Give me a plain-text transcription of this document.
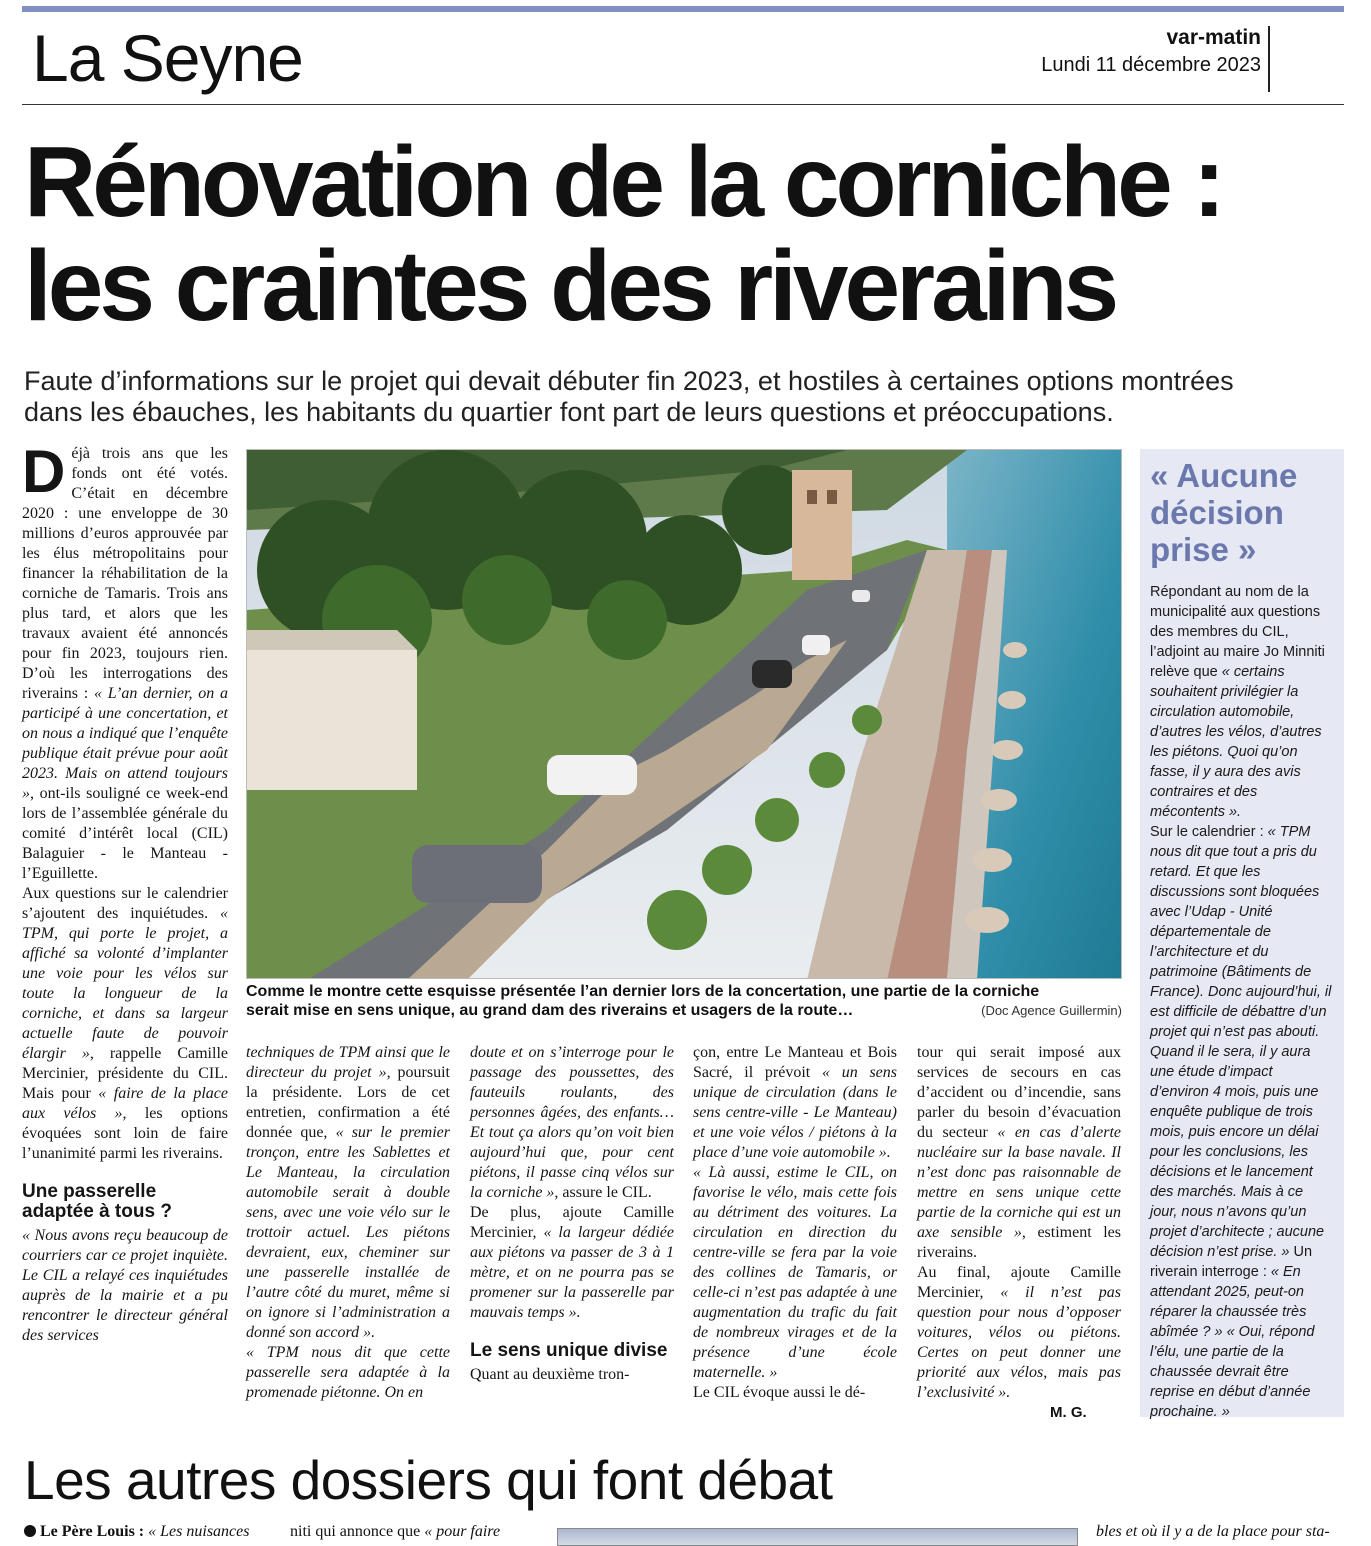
La Seyne	var-matin
Lundi 11 décembre 2023
Rénovation de la corniche :
les craintes des riverains
Faute d’informations sur le projet qui devait débuter fin 2023, et hostiles à certaines options montrées
dans les ébauches, les habitants du quartier font part de leurs questions et préoccupations.

Déjà trois ans que les fonds ont été votés. C’était en décembre 2020 : une enveloppe de 30 millions d’euros approuvée par les élus métropolitains pour financer la réhabilitation de la corniche de Tamaris. Trois ans plus tard, et alors que les travaux avaient été annoncés pour fin 2023, toujours rien. D’où les interrogations des riverains : « L’an dernier, on a participé à une concertation, et on nous a indiqué que l’enquête publique était prévue pour août 2023. Mais on attend toujours », ont-ils souligné ce week-end lors de l’assemblée générale du comité d’intérêt local (CIL) Balaguier - le Manteau - l’Eguillette.

Aux questions sur le calendrier s’ajoutent des inquiétudes. « TPM, qui porte le projet, a affiché sa volonté d’implanter une voie pour les vélos sur toute la longueur de la corniche, et dans sa largeur actuelle faute de pouvoir élargir », rappelle Camille Mercinier, présidente du CIL. Mais pour « faire de la place aux vélos », les options évoquées sont loin de faire l’unanimité parmi les riverains.

Une passerelle adaptée à tous ?

« Nous avons reçu beaucoup de courriers car ce projet inquiète. Le CIL a relayé ces inquiétudes auprès de la mairie et a pu rencontrer le directeur général des services

Comme le montre cette esquisse présentée l’an dernier lors de la concertation, une partie de la corniche
serait mise en sens unique, au grand dam des riverains et usagers de la route…	(Doc Agence Guillermin)

techniques de TPM ainsi que le directeur du projet », poursuit la présidente. Lors de cet entretien, confirmation a été donnée que, « sur le premier tronçon, entre les Sablettes et Le Manteau, la circulation automobile serait à double sens, avec une voie vélo sur le trottoir actuel. Les piétons devraient, eux, cheminer sur une passerelle installée de l’autre côté du muret, même si on ignore si l’administration a donné son accord ».

« TPM nous dit que cette passerelle sera adaptée à la promenade piétonne. On en

doute et on s’interroge pour le passage des poussettes, des fauteuils roulants, des personnes âgées, des enfants… Et tout ça alors qu’on voit bien aujourd’hui que, pour cent piétons, il passe cinq vélos sur la corniche », assure le CIL.

De plus, ajoute Camille Mercinier, « la largeur dédiée aux piétons va passer de 3 à 1 mètre, et on ne pourra pas se promener sur la passerelle par mauvais temps ».

Le sens unique divise

Quant au deuxième tron-

çon, entre Le Manteau et Bois Sacré, il prévoit « un sens unique de circulation (dans le sens centre-ville - Le Manteau) et une voie vélos / piétons à la place d’une voie automobile ».

« Là aussi, estime le CIL, on favorise le vélo, mais cette fois au détriment des voitures. La circulation en direction du centre-ville se fera par la voie des collines de Tamaris, or celle-ci n’est pas adaptée à une augmentation du trafic du fait de nombreux virages et de la présence d’une école maternelle. »

Le CIL évoque aussi le dé-

tour qui serait imposé aux services de secours en cas d’accident ou d’incendie, sans parler du besoin d’évacuation du secteur « en cas d’alerte nucléaire sur la base navale. Il n’est donc pas raisonnable de mettre en sens unique cette partie de la corniche qui est un axe sensible », estiment les riverains.

Au final, ajoute Camille Mercinier, « il n’est pas question pour nous d’opposer voitures, vélos ou piétons. Certes on peut donner une priorité aux vélos, mais pas l’exclusivité ».

M. G.
« Aucune décision prise »
Répondant au nom de la municipalité aux questions des membres du CIL, l’adjoint au maire Jo Minniti relève que « certains souhaitent privilégier la circulation automobile, d’autres les vélos, d’autres les piétons. Quoi qu’on fasse, il y aura des avis contraires et des mécontents ».
Sur le calendrier : « TPM nous dit que tout a pris du retard. Et que les discussions sont bloquées avec l’Udap - Unité départementale de l’architecture et du patrimoine (Bâtiments de France). Donc aujourd’hui, il est difficile de débattre d’un projet qui n’est pas abouti. Quand il le sera, il y aura une étude d’impact d’environ 4 mois, puis une enquête publique de trois mois, puis encore un délai pour les conclusions, les décisions et le lancement des marchés. Mais à ce jour, nous n’avons qu’un projet d’architecte ; aucune décision n’est prise. » Un riverain interroge : « En attendant 2025, peut-on réparer la chaussée très abîmée ? » « Oui, répond l’élu, une partie de la chaussée devrait être reprise en début d’année prochaine. »
Les autres dossiers qui font débat
Le Père Louis : « Les nuisances	niti qui annonce que « pour faire	bles et où il y a de la place pour sta-
